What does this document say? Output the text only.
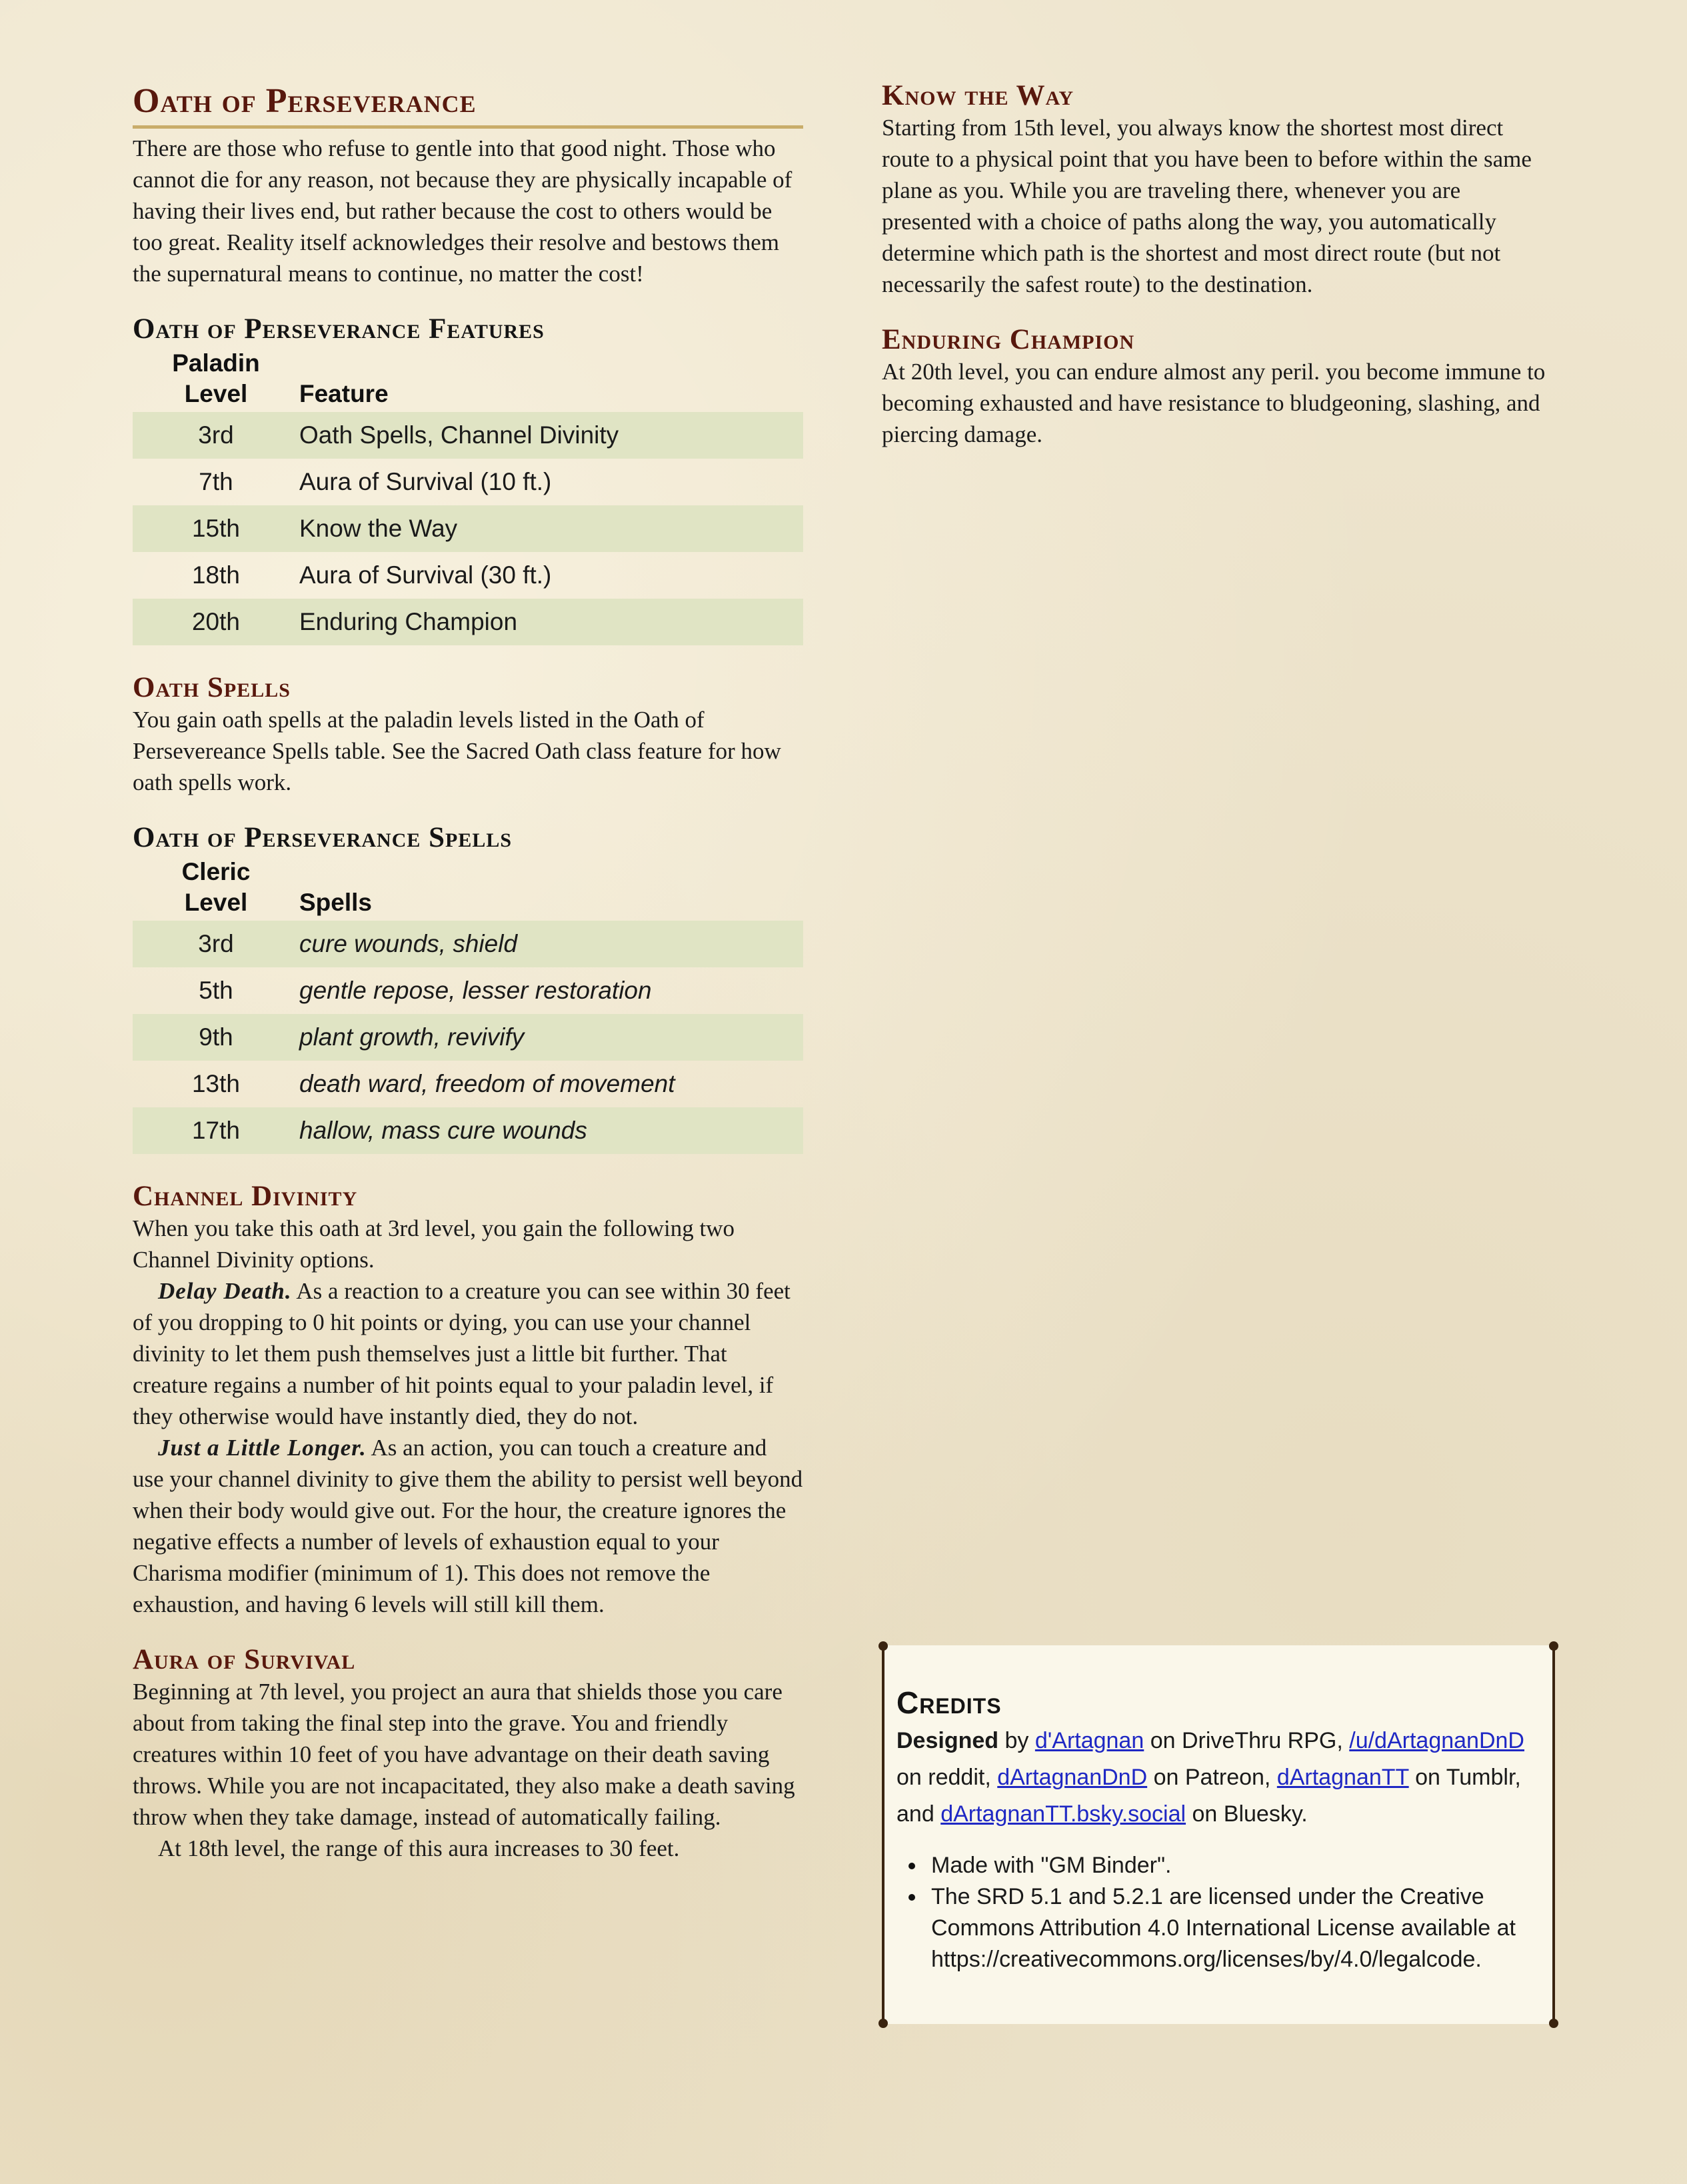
Oath of Perseverance

There are those who refuse to gentle into that good night. Those who cannot die for any reason, not because they are physically incapable of having their lives end, but rather because the cost to others would be too great. Reality itself acknowledges their resolve and bestows them the supernatural means to continue, no matter the cost!

Oath of Perseverance Features
Paladin
Level	Feature
3rd	Oath Spells, Channel Divinity
7th	Aura of Survival (10 ft.)
15th	Know the Way
18th	Aura of Survival (30 ft.)
20th	Enduring Champion
Oath Spells

You gain oath spells at the paladin levels listed in the Oath of Persevereance Spells table. See the Sacred Oath class feature for how oath spells work.

Oath of Perseverance Spells
Cleric
Level	Spells
3rd	cure wounds, shield
5th	gentle repose, lesser restoration
9th	plant growth, revivify
13th	death ward, freedom of movement
17th	hallow, mass cure wounds
Channel Divinity

When you take this oath at 3rd level, you gain the following two Channel Divinity options.

Delay Death. As a reaction to a creature you can see within 30 feet of you dropping to 0 hit points or dying, you can use your channel divinity to let them push themselves just a little bit further. That creature regains a number of hit points equal to your paladin level, if they otherwise would have instantly died, they do not.

Just a Little Longer. As an action, you can touch a creature and use your channel divinity to give them the ability to persist well beyond when their body would give out. For the hour, the creature ignores the negative effects a number of levels of exhaustion equal to your Charisma modifier (minimum of 1). This does not remove the exhaustion, and having 6 levels will still kill them.

Aura of Survival

Beginning at 7th level, you project an aura that shields those you care about from taking the final step into the grave. You and friendly creatures within 10 feet of you have advantage on their death saving throws. While you are not incapacitated, they also make a death saving throw when they take damage, instead of automatically failing.

At 18th level, the range of this aura increases to 30 feet.

Know the Way

Starting from 15th level, you always know the shortest most direct route to a physical point that you have been to before within the same plane as you. While you are traveling there, whenever you are presented with a choice of paths along the way, you automatically determine which path is the shortest and most direct route (but not necessarily the safest route) to the destination.

Enduring Champion

At 20th level, you can endure almost any peril. you become immune to becoming exhausted and have resistance to bludgeoning, slashing, and piercing damage.

Credits

Designed by d'Artagnan on DriveThru RPG, /u/dArtagnanDnD on reddit, dArtagnanDnD on Patreon, dArtagnanTT on Tumblr, and dArtagnanTT.bsky.social on Bluesky.

Made with "GM Binder".
The SRD 5.1 and 5.2.1 are licensed under the Creative Commons Attribution 4.0 International License available at https://creativecommons.org/licenses/by/4.0/legalcode.
